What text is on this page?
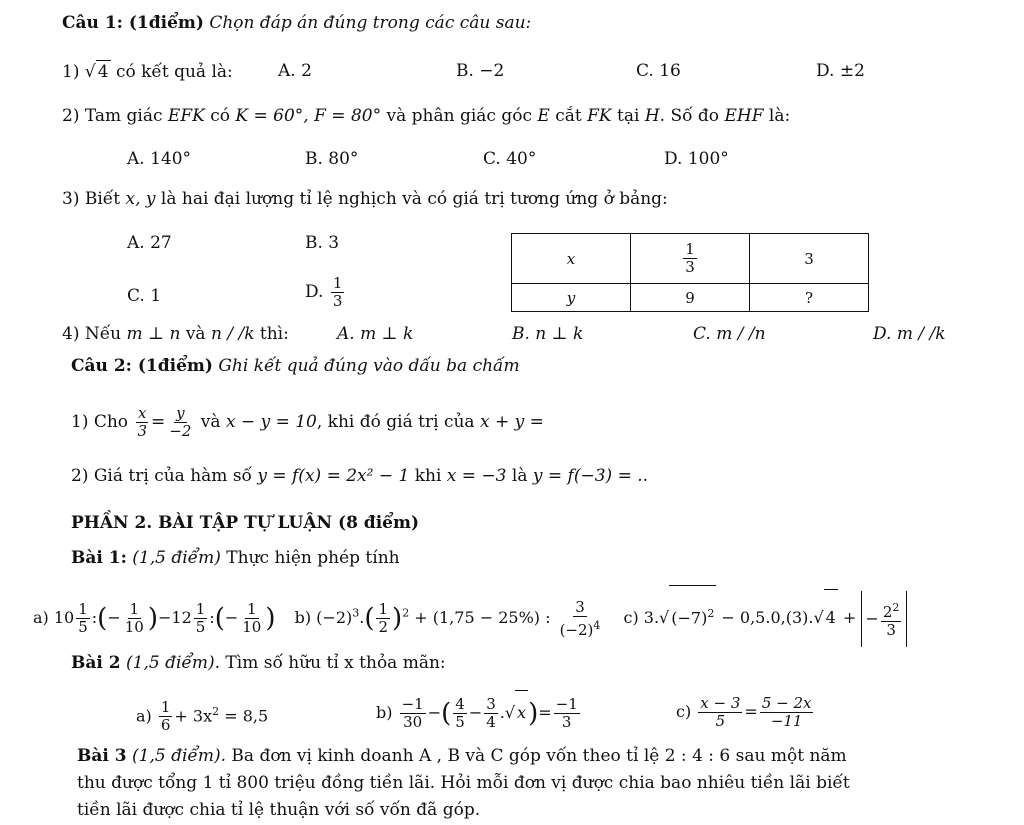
Câu 1: (1điểm) Chọn đáp án đúng trong các câu sau:
1) √ 4 có kết quả là:	A. 2	B. −2	C. 16	D. ±2
2) Tam giác EFK có K = 60°, F = 80° và phân giác góc E cắt FK tại H. Số đo EHF là:
A. 140°	B. 80°	C. 40°	D. 100°
3) Biết x, y là hai đại lượng tỉ lệ nghịch và có giá trị tương ứng ở bảng:
A. 27	B. 3
C. 1	D. $\frac{1}{3}$
x	$\frac{1}{3}$	3
y	9	?
4) Nếu m ⊥ n và n / /k thì:	A. m ⊥ k	B. n ⊥ k	C. m / /n	D. m / /k
Câu 2: (1điểm) Ghi kết quả đúng vào dấu ba chấm
1) Cho $\frac{x}{3} = \frac{y}{-2}$ và x − y = 10, khi đó giá trị của x + y =
2) Giá trị của hàm số y = f(x) = 2x² − 1 khi x = −3 là y = f(−3) = ..
PHẦN 2. BÀI TẬP TỰ LUẬN (8 điểm)
Bài 1: (1,5 điểm) Thực hiện phép tính
a) $10 \frac{1}{5}$ :(− $\frac{1}{10} )-12 \frac{1}{5}$ :(− $\frac{1}{10}$ ) b) $(-2)^3.( \frac{1}{2} )^2 + (1,75 - 25\%)$ : $\frac{3}{(-2)^4} c$) 3.√ $(-7)^2 - 0,5.0,(3).√$ 4 + − $\frac{2^2}{3}$
Bài 2 (1,5 điểm). Tìm số hữu tỉ x thỏa mãn:
$a) \frac{1}{6} + 3x^2 = 8,5$	$b) \frac{-1}{30}$ −( $\frac{4}{5} - \frac{3}{4}$ .√ $x)= \frac{-1}{3}$	$c) \frac{x - 3}{5} = \frac{5 - 2x}{-11}$
Bài 3 (1,5 điểm). Ba đơn vị kinh doanh A , B và C góp vốn theo tỉ lệ 2 : 4 : 6 sau một năm
thu được tổng 1 tỉ 800 triệu đồng tiền lãi. Hỏi mỗi đơn vị được chia bao nhiêu tiền lãi biết
tiền lãi được chia tỉ lệ thuận với số vốn đã góp.
